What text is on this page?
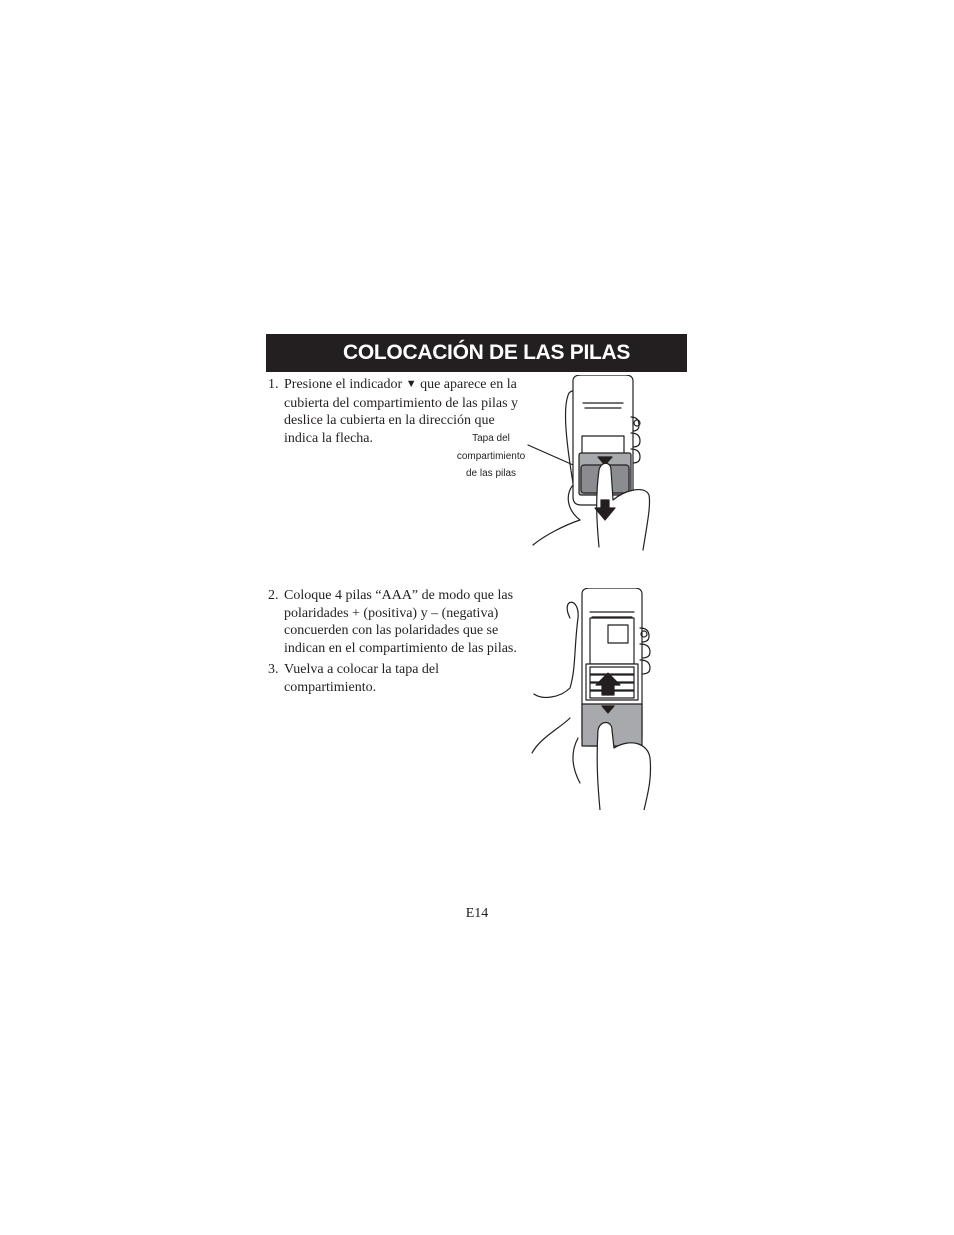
COLOCACIÓN DE LAS PILAS

1. Presione el indicador ▼ que aparece en la cubierta del compartimiento de las pilas y deslice la cubierta en la dirección que indica la flecha.	Tapa del
compartimiento
de las pilas

2. Coloque 4 pilas “AAA” de modo que las polaridades + (positiva) y – (negativa) concuerden con las polaridades que se indican en el compartimiento de las pilas.

3. Vuelva a colocar la tapa del compartimiento.

E14
